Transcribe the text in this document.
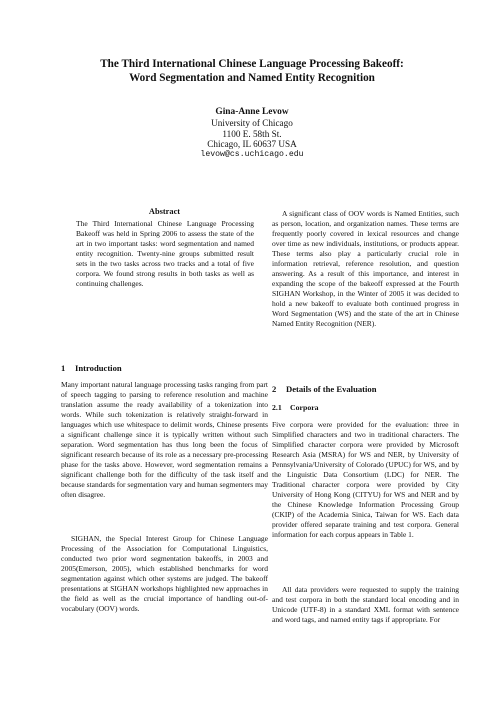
The Third International Chinese Language Processing Bakeoff:
Word Segmentation and Named Entity Recognition
Gina-Anne Levow
University of Chicago
1100 E. 58th St.
Chicago, IL 60637 USA
levow@cs.uchicago.edu
Abstract
The Third International Chinese Language Processing Bakeoff was held in Spring 2006 to assess the state of the art in two important tasks: word segmentation and named entity recognition. Twenty-nine groups submitted result sets in the two tasks across two tracks and a total of five corpora. We found strong results in both tasks as well as continuing challenges.
1 Introduction
Many important natural language processing tasks ranging from part of speech tagging to parsing to reference resolution and machine translation assume the ready availability of a tokenization into words. While such tokenization is relatively straight-forward in languages which use whitespace to delimit words, Chinese presents a significant challenge since it is typically written without such separation. Word segmentation has thus long been the focus of significant research because of its role as a necessary pre-processing phase for the tasks above. However, word segmentation remains a significant challenge both for the difficulty of the task itself and because standards for segmentation vary and human segmenters may often disagree.
SIGHAN, the Special Interest Group for Chinese Language Processing of the Association for Computational Linguistics, conducted two prior word segmentation bakeoffs, in 2003 and 2005(Emerson, 2005), which established benchmarks for word segmentation against which other systems are judged. The bakeoff presentations at SIGHAN workshops highlighted new approaches in the field as well as the crucial importance of handling out-of-vocabulary (OOV) words.
A significant class of OOV words is Named Entities, such as person, location, and organization names. These terms are frequently poorly covered in lexical resources and change over time as new individuals, institutions, or products appear. These terms also play a particularly crucial role in information retrieval, reference resolution, and question answering. As a result of this importance, and interest in expanding the scope of the bakeoff expressed at the Fourth SIGHAN Workshop, in the Winter of 2005 it was decided to hold a new bakeoff to evaluate both continued progress in Word Segmentation (WS) and the state of the art in Chinese Named Entity Recognition (NER).
2 Details of the Evaluation
2.1 Corpora
Five corpora were provided for the evaluation: three in Simplified characters and two in traditional characters. The Simplified character corpora were provided by Microsoft Research Asia (MSRA) for WS and NER, by University of Pennsylvania/University of Colorado (UPUC) for WS, and by the Linguistic Data Consortium (LDC) for NER. The Traditional character corpora were provided by City University of Hong Kong (CITYU) for WS and NER and by the Chinese Knowledge Information Processing Group (CKIP) of the Academia Sinica, Taiwan for WS. Each data provider offered separate training and test corpora. General information for each corpus appears in Table 1.
All data providers were requested to supply the training and test corpora in both the standard local encoding and in Unicode (UTF-8) in a standard XML format with sentence and word tags, and named entity tags if appropriate. For
